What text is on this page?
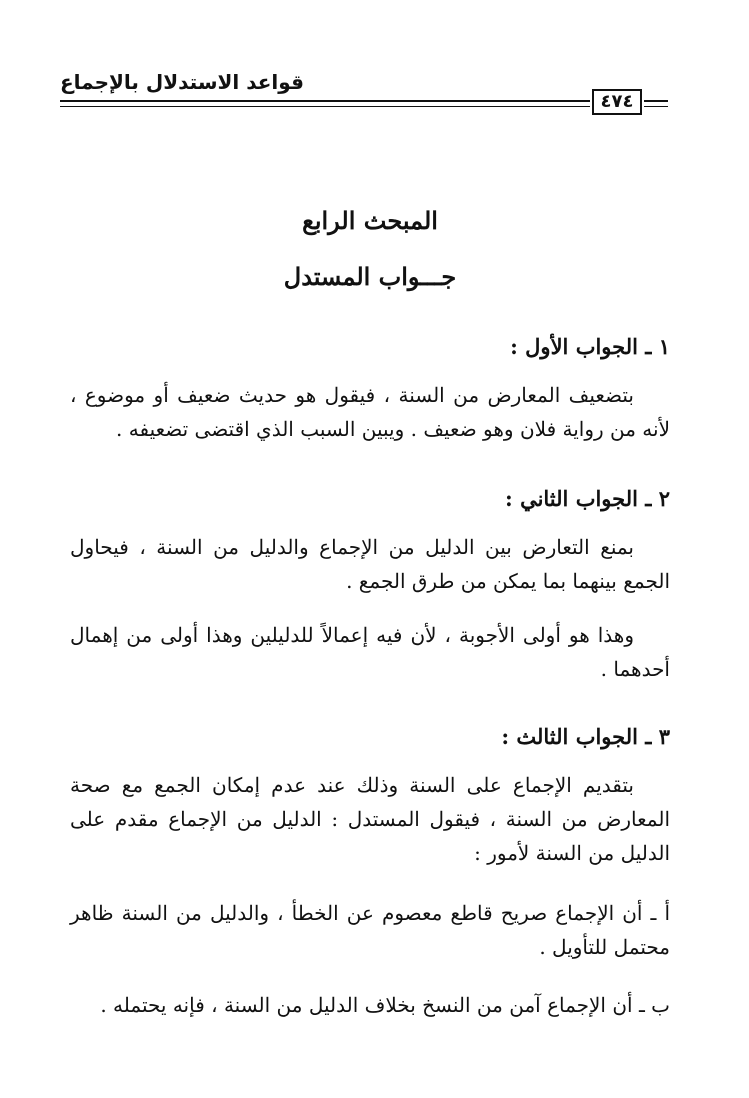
قواعد الاستدلال بالإجماع
٤٧٤
المبحث الرابع
جـــواب المستدل
١ ـ الجواب الأول :
بتضعيف المعارض من السنة ، فيقول هو حديث ضعيف أو موضوع ، لأنه من رواية فلان وهو ضعيف . ويبين السبب الذي اقتضى تضعيفه .
٢ ـ الجواب الثاني :
بمنع التعارض بين الدليل من الإجماع والدليل من السنة ، فيحاول الجمع بينهما بما يمكن من طرق الجمع .
وهذا هو أولى الأجوبة ، لأن فيه إعمالاً للدليلين وهذا أولى من إهمال أحدهما .
٣ ـ الجواب الثالث :
بتقديم الإجماع على السنة وذلك عند عدم إمكان الجمع مع صحة المعارض من السنة ، فيقول المستدل : الدليل من الإجماع مقدم على الدليل من السنة لأمور :
أ ـ أن الإجماع صريح قاطع معصوم عن الخطأ ، والدليل من السنة ظاهر محتمل للتأويل .
ب ـ أن الإجماع آمن من النسخ بخلاف الدليل من السنة ، فإنه يحتمله .
